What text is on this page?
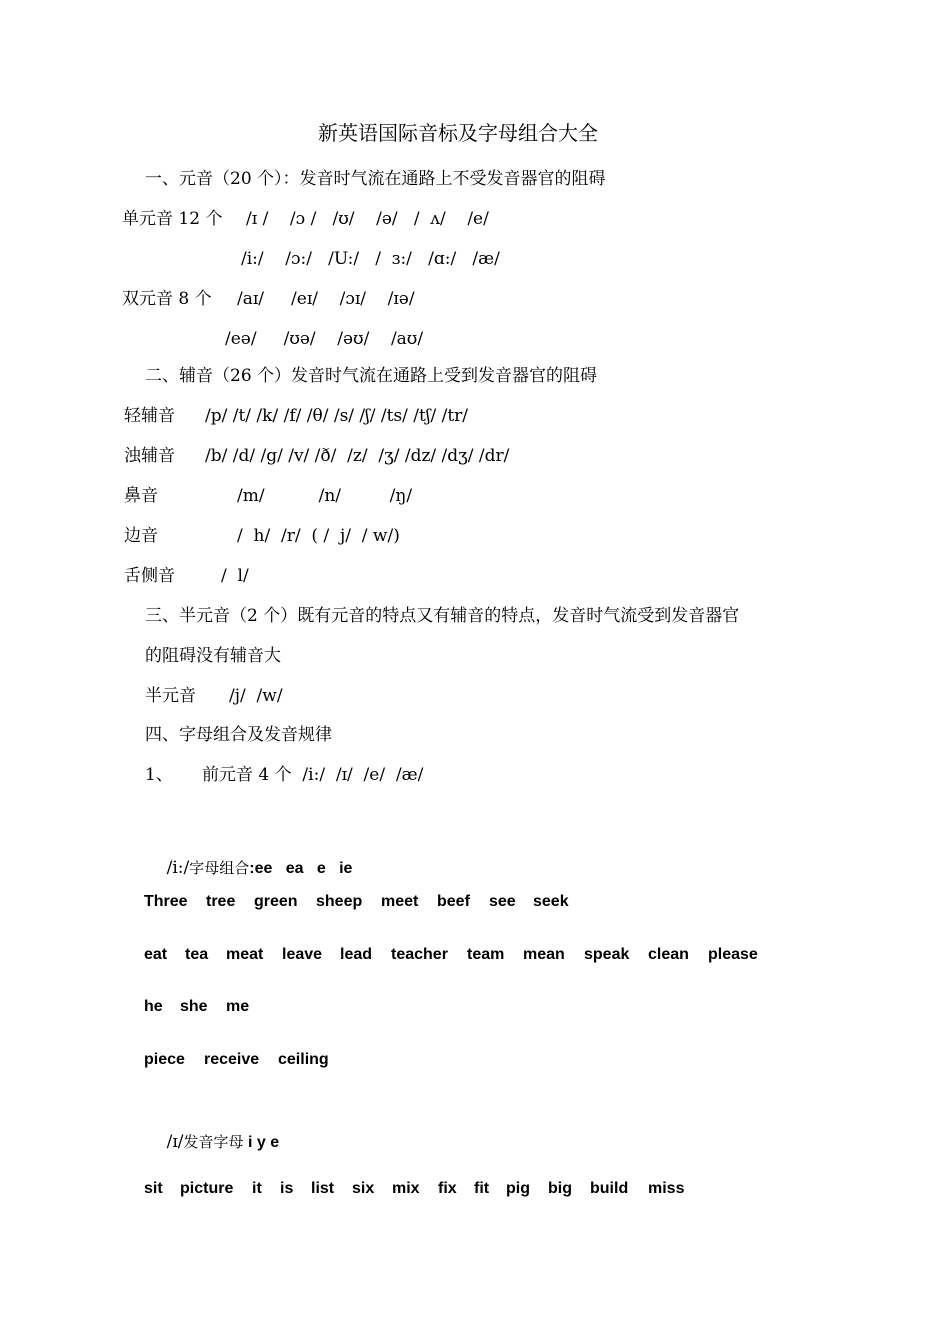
新英语国际音标及字母组合大全
一、元音（20 个）：发音时气流在通路上不受发音器官的阻碍
单元音 12 个 /ɪ /    /ɔ /   /ʊ/    /ə/   /  ʌ/    /e/
/i:/    /ɔ:/   /U:/   /  ɜ:/   /ɑ:/   /æ/
双元音 8 个 /aɪ/     /eɪ/    /ɔɪ/    /ɪə/
/eə/     /ʊə/    /əʊ/    /aʊ/
二、辅音（26 个）发音时气流在通路上受到发音器官的阻碍
轻辅音 /p/ /t/ /k/ /f/ /θ/ /s/ /ʃ/ /ts/ /tʃ/ /tr/
浊辅音 /b/ /d/ /g/ /v/ /ð/  /z/  /ʒ/ /dz/ /dʒ/ /dr/
鼻音	/m/          /n/         /ŋ/
边音	/  h/  /r/  ( /  j/  / w/)
舌侧音	/  l/
三、半元音（2 个）既有元音的特点又有辅音的特点，发音时气流受到发音器官
的阻碍没有辅音大
半元音 /j/  /w/
四、字母组合及发音规律
1、 前元音 4 个  /i:/  /ɪ/  /e/  /æ/

/i:/字母组合:ee   ea   e   ie

Three tree green sheep meet beef see seek
eat tea meat leave lead teacher team mean speak clean please
he she me
piece receive ceiling

/ɪ/发音字母 i y e

sit picture it is list six mix fix fit pig big build miss
